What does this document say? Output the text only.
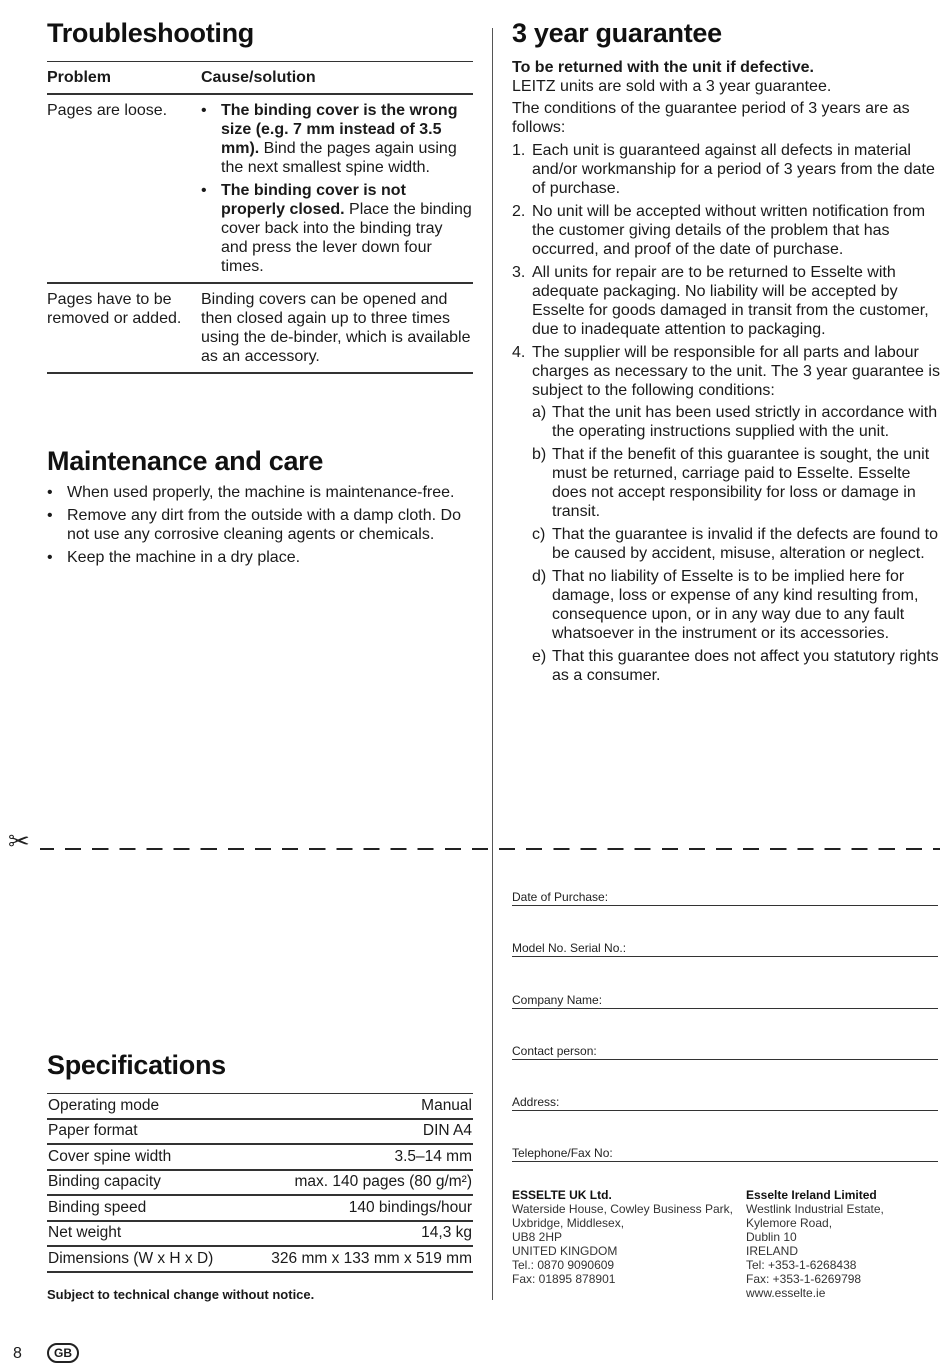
Troubleshooting
Problem	Cause/solution
Pages are loose.
•	The binding cover is the wrong size (e.g. 7 mm instead of 3.5 mm). Bind the pages again using the next smallest spine width.
• The binding cover is not properly closed. Place the binding cover back into the binding tray and press the lever down four times.
Pages have to be removed or added.
Binding covers can be opened and then closed again up to three times using the de-binder, which is available as an accessory.
Maintenance and care
• When used properly, the machine is maintenance-free.
• Remove any dirt from the outside with a damp cloth. Do not use any corrosive cleaning agents or chemicals.
• Keep the machine in a dry place.
3 year guarantee

To be returned with the unit if defective.

LEITZ units are sold with a 3 year guarantee.

The conditions of the guarantee period of 3 years are as follows:

1. Each unit is guaranteed against all defects in material and/or workmanship for a period of 3 years from the date of purchase.
2. No unit will be accepted without written notification from the customer giving details of the problem that has occurred, and proof of the date of purchase.
3. All units for repair are to be returned to Esselte with adequate packaging. No liability will be accepted by Esselte for goods damaged in transit from the customer, due to inadequate attention to packaging.
4. The supplier will be responsible for all parts and labour charges as necessary to the unit. The 3 year guarantee is subject to the following conditions:
a) That the unit has been used strictly in accordance with the operating instructions supplied with the unit.
b) That if the benefit of this guarantee is sought, the unit must be returned, carriage paid to Esselte. Esselte does not accept responsibility for loss or damage in transit.
c) That the guarantee is invalid if the defects are found to be caused by accident, misuse, alteration or neglect.
d) That no liability of Esselte is to be implied here for damage, loss or expense of any kind resulting from, consequence upon, or in any way due to any fault whatsoever in the instrument or its accessories.
e) That this guarantee does not affect you statutory rights as a consumer.
✂
Date of Purchase:
Model No. Serial No.:
Company Name:
Contact person:
Address:
Telephone/Fax No:
ESSELTE UK Ltd.
Waterside House, Cowley Business Park,
Uxbridge, Middlesex,
UB8 2HP
UNITED KINGDOM
Tel.: 0870 9090609
Fax: 01895 878901
Esselte Ireland Limited
Westlink Industrial Estate,
Kylemore Road,
Dublin 10
IRELAND
Tel: +353-1-6268438
Fax: +353-1-6269798
www.esselte.ie
Specifications
Operating mode	Manual
Paper format	DIN A4
Cover spine width	3.5–14 mm
Binding capacity	max. 140 pages (80 g/m²)
Binding speed	140 bindings/hour
Net weight	14,3 kg
Dimensions (W x H x D)	326 mm x 133 mm x 519 mm

Subject to technical change without notice.

8	GB
